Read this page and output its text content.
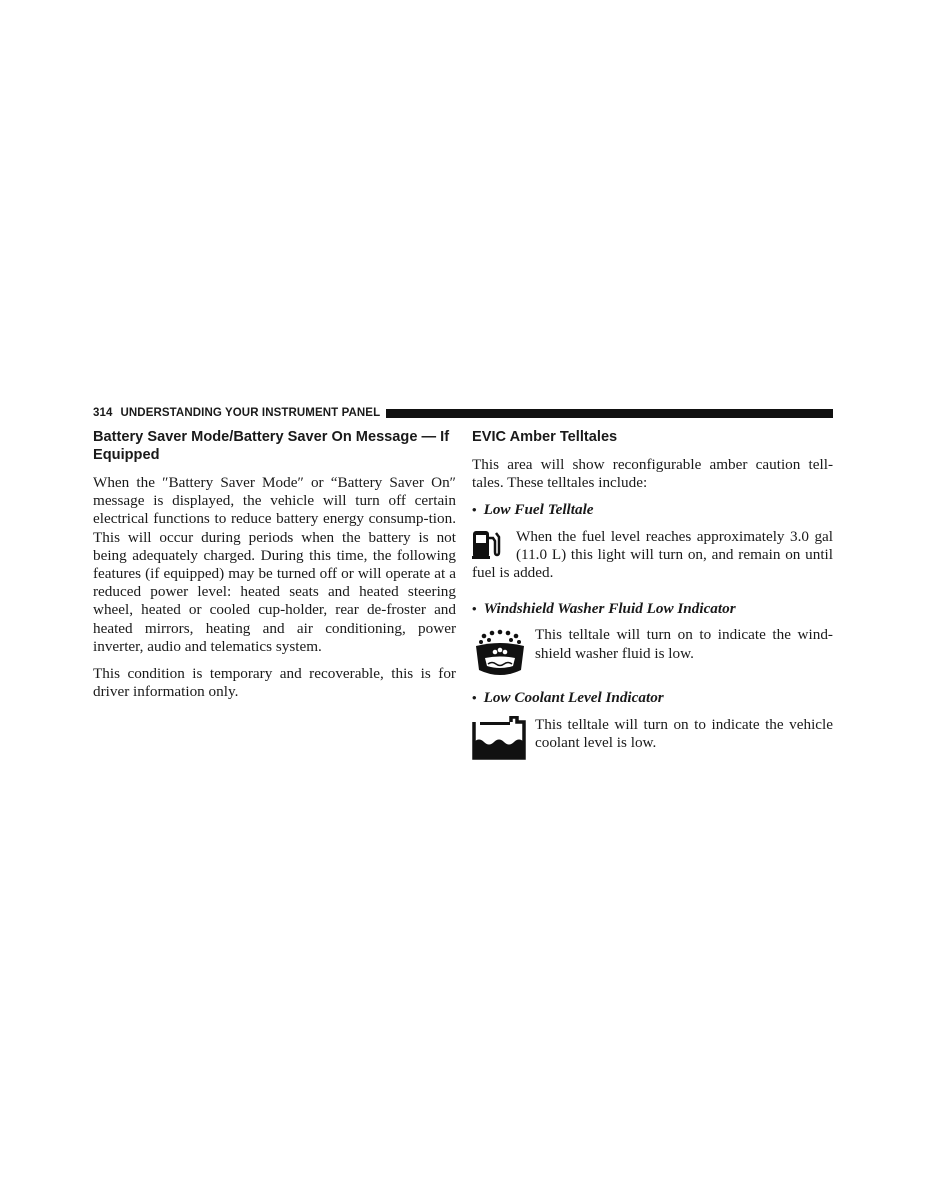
314 UNDERSTANDING YOUR INSTRUMENT PANEL
Battery Saver Mode/Battery Saver On Message — If Equipped

When the ″Battery Saver Mode″ or “Battery Saver On″ message is displayed, the vehicle will turn off certain electrical functions to reduce battery energy consump-tion. This will occur during periods when the battery is not being adequately charged. During this time, the following features (if equipped) may be turned off or will operate at a reduced power level: heated seats and heated steering wheel, heated or cooled cup-holder, rear de-froster and heated mirrors, heating and air conditioning, power inverter, audio and telematics system.

This condition is temporary and recoverable, this is for driver information only.

EVIC Amber Telltales

This area will show reconfigurable amber caution tell-tales. These telltales include:

• Low Fuel Telltale

When the fuel level reaches approximately 3.0 gal (11.0 L) this light will turn on, and remain on until fuel is added.

• Windshield Washer Fluid Low Indicator

This telltale will turn on to indicate the wind-shield washer fluid is low.

• Low Coolant Level Indicator

This telltale will turn on to indicate the vehicle coolant level is low.
